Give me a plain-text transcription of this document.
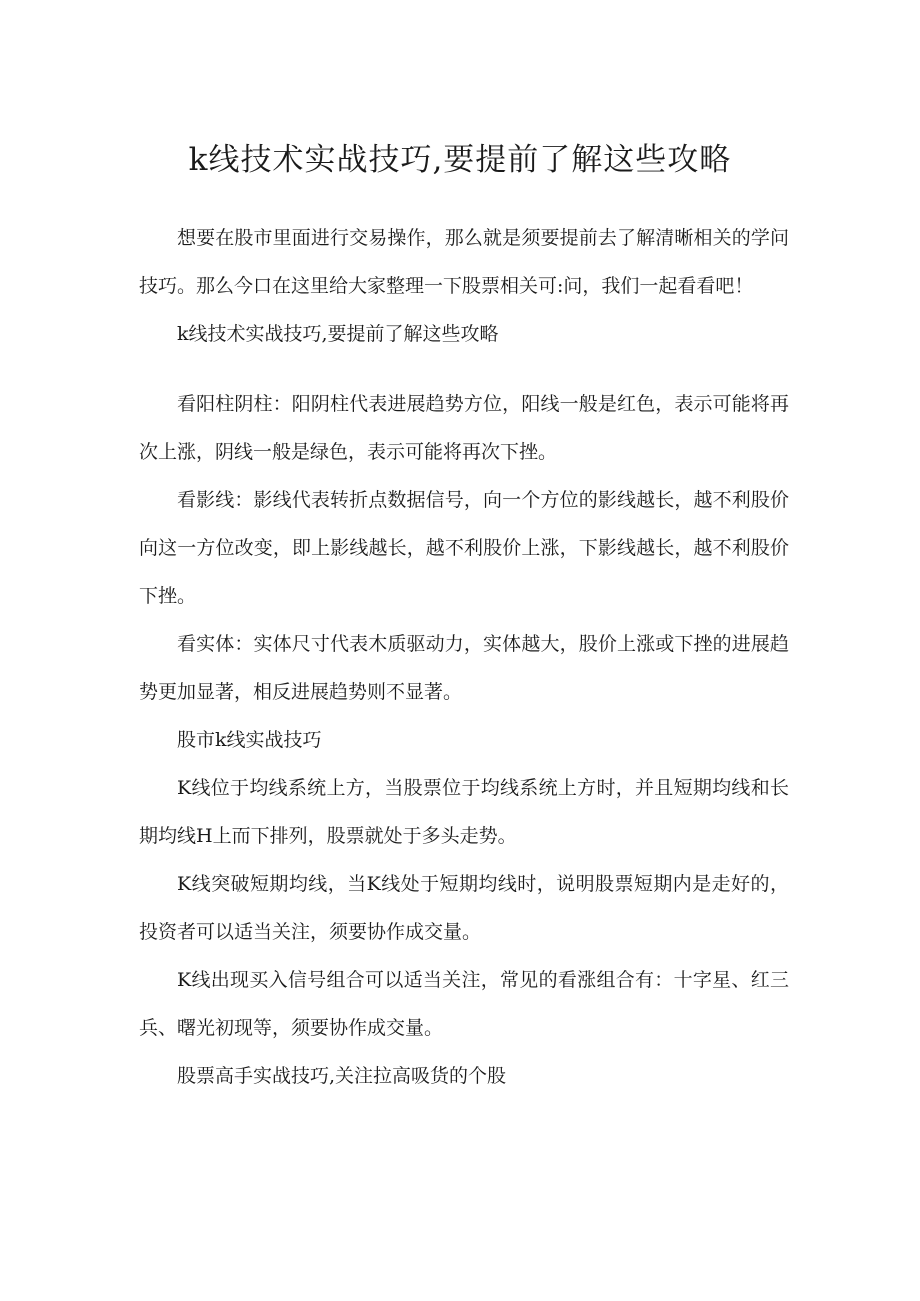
k线技术实战技巧,要提前了解这些攻略

想要在股市里面进行交易操作，那么就是须要提前去了解清晰相关的学问技巧。那么今口在这里给大家整理一下股票相关可:问，我们一起看看吧！

k线技术实战技巧,要提前了解这些攻略

看阳柱阴柱：阳阴柱代表进展趋势方位，阳线一般是红色，表示可能将再次上涨，阴线一般是绿色，表示可能将再次下挫。

看影线：影线代表转折点数据信号，向一个方位的影线越长，越不利股价向这一方位改变，即上影线越长，越不利股价上涨，下影线越长，越不利股价下挫。

看实体：实体尺寸代表木质驱动力，实体越大，股价上涨或下挫的进展趋势更加显著，相反进展趋势则不显著。

股市k线实战技巧

K线位于均线系统上方，当股票位于均线系统上方时，并且短期均线和长期均线H上而下排列，股票就处于多头走势。

K线突破短期均线，当K线处于短期均线时，说明股票短期内是走好的，投资者可以适当关注，须要协作成交量。

K线出现买入信号组合可以适当关注，常见的看涨组合有：十字星、红三兵、曙光初现等，须要协作成交量。

股票高手实战技巧,关注拉高吸货的个股
